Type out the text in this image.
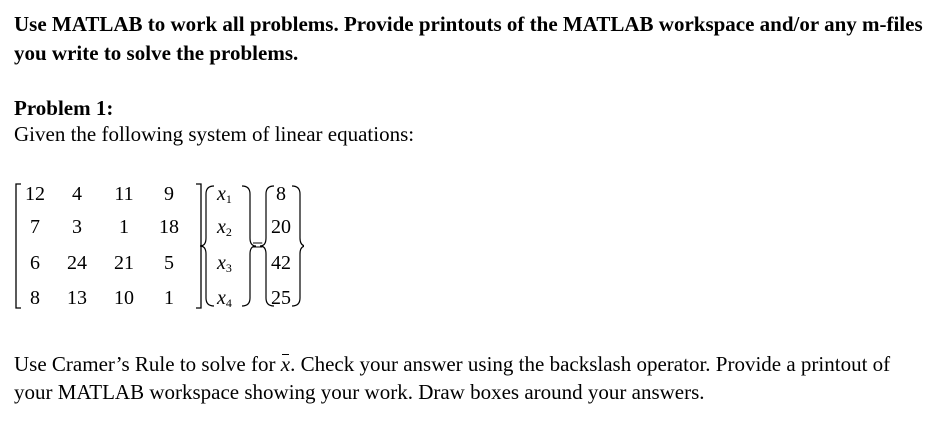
Use MATLAB to work all problems. Provide printouts of the MATLAB workspace and/or any m-files you write to solve the problems.
Problem 1:
Given the following system of linear equations:
12	4	11	9
7	3	1	18
6	24	21	5
8	13	10	1
$x_1$
$x_2$
$x_3$
$x_4$
=
8
20
42
25
Use Cramer’s Rule to solve for x. Check your answer using the backslash operator. Provide a printout of your MATLAB workspace showing your work. Draw boxes around your answers.
